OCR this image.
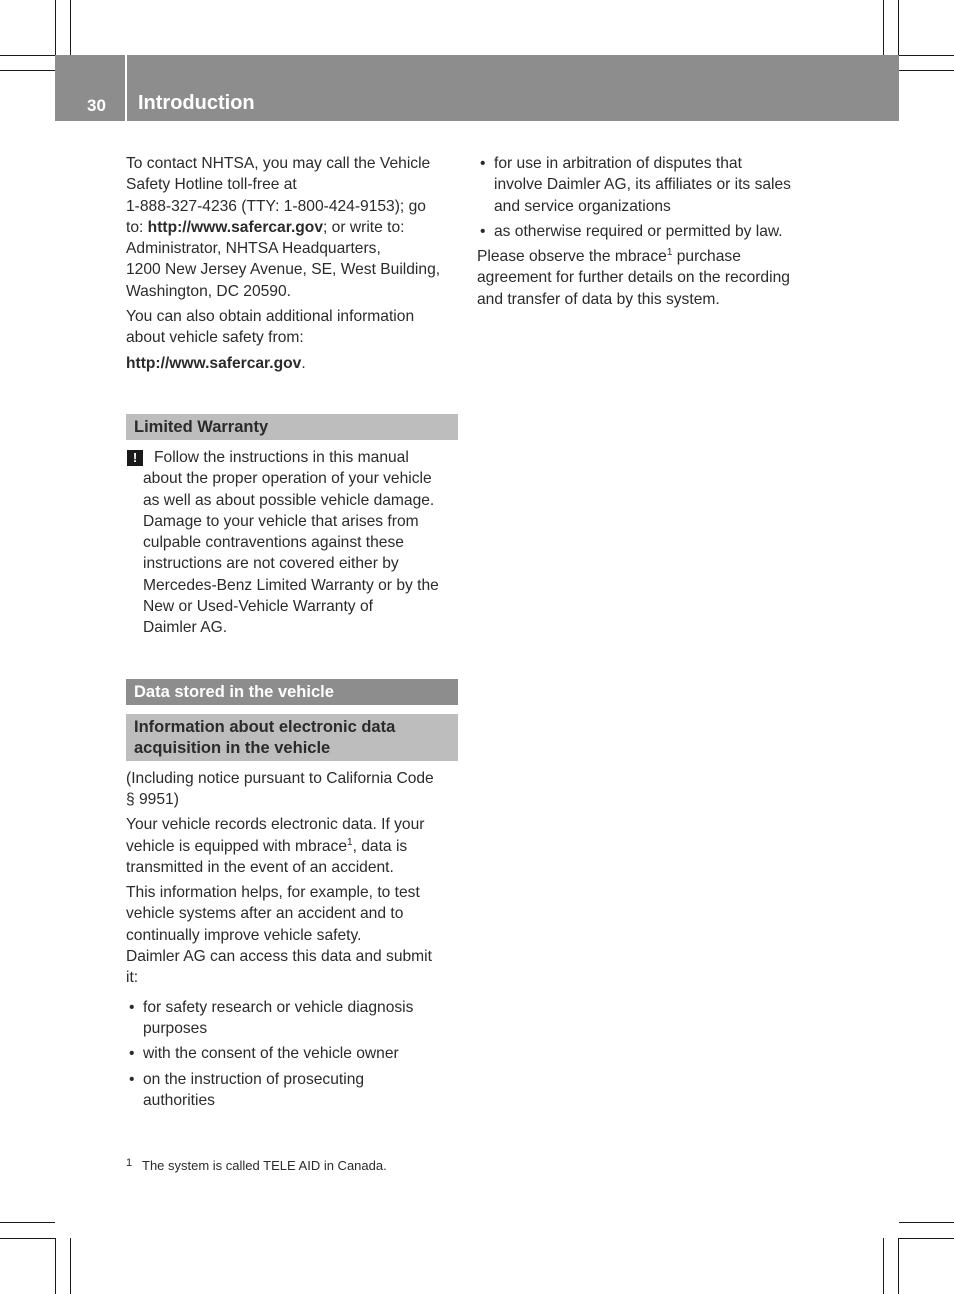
30 Introduction

To contact NHTSA, you may call the Vehicle
Safety Hotline toll-free at
1-888-327-4236 (TTY: 1-800-424-9153); go
to: http://www.safercar.gov; or write to:
Administrator, NHTSA Headquarters,
1200 New Jersey Avenue, SE, West Building,
Washington, DC 20590.

You can also obtain additional information
about vehicle safety from:

http://www.safercar.gov.

Limited Warranty
!	Follow the instructions in this manual
about the proper operation of your vehicle
as well as about possible vehicle damage.
Damage to your vehicle that arises from
culpable contraventions against these
instructions are not covered either by
Mercedes-Benz Limited Warranty or by the
New or Used-Vehicle Warranty of
Daimler AG.
Data stored in the vehicle
Information about electronic data
acquisition in the vehicle

(Including notice pursuant to California Code
§ 9951)

Your vehicle records electronic data. If your
vehicle is equipped with mbrace$^1$, data is
transmitted in the event of an accident.

This information helps, for example, to test
vehicle systems after an accident and to
continually improve vehicle safety.
Daimler AG can access this data and submit
it:

• for safety research or vehicle diagnosis
purposes
• with the consent of the vehicle owner
• on the instruction of prosecuting
authorities
• for use in arbitration of disputes that
involve Daimler AG, its affiliates or its sales
and service organizations
• as otherwise required or permitted by law.

Please observe the mbrace$^1$ purchase
agreement for further details on the recording
and transfer of data by this system.

1 The system is called TELE AID in Canada.
